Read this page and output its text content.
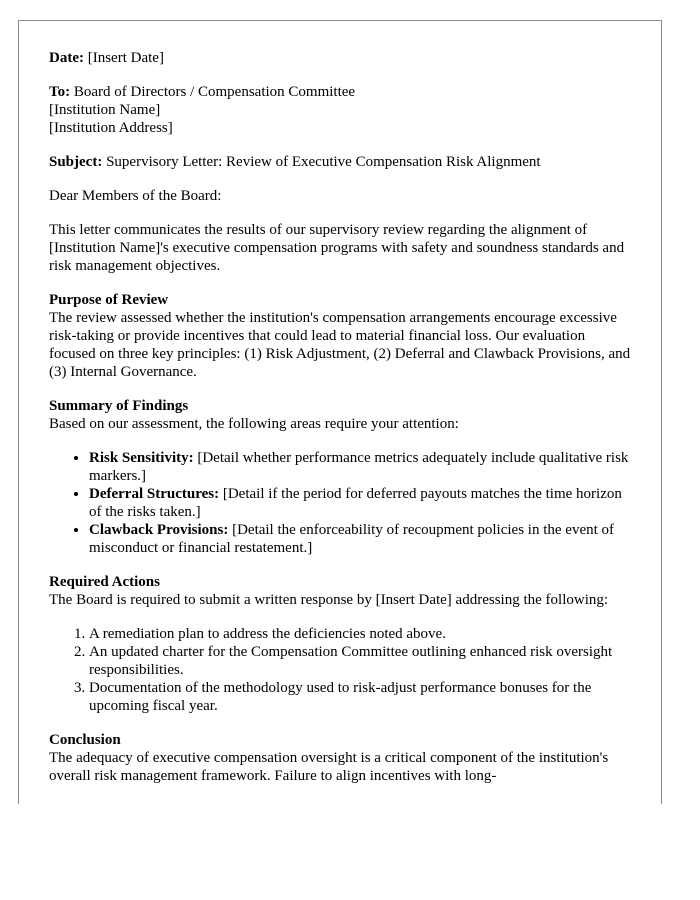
Date: [Insert Date]

To: Board of Directors / Compensation Committee
[Institution Name]
[Institution Address]

Subject: Supervisory Letter: Review of Executive Compensation Risk Alignment

Dear Members of the Board:

This letter communicates the results of our supervisory review regarding the alignment of [Institution Name]'s executive compensation programs with safety and soundness standards and risk management objectives.

Purpose of Review

The review assessed whether the institution's compensation arrangements encourage excessive risk-taking or provide incentives that could lead to material financial loss. Our evaluation focused on three key principles: (1) Risk Adjustment, (2) Deferral and Clawback Provisions, and (3) Internal Governance.

Summary of Findings
Based on our assessment, the following areas require your attention:
• Risk Sensitivity: [Detail whether performance metrics adequately include qualitative risk markers.]
• Deferral Structures: [Detail if the period for deferred payouts matches the time horizon of the risks taken.]
• Clawback Provisions: [Detail the enforceability of recoupment policies in the event of misconduct or financial restatement.]
Required Actions
The Board is required to submit a written response by [Insert Date] addressing the following:
1. A remediation plan to address the deficiencies noted above.
2. An updated charter for the Compensation Committee outlining enhanced risk oversight responsibilities.
3. Documentation of the methodology used to risk-adjust performance bonuses for the upcoming fiscal year.
Conclusion
The adequacy of executive compensation oversight is a critical component of the institution's overall risk management framework. Failure to align incentives with long-
